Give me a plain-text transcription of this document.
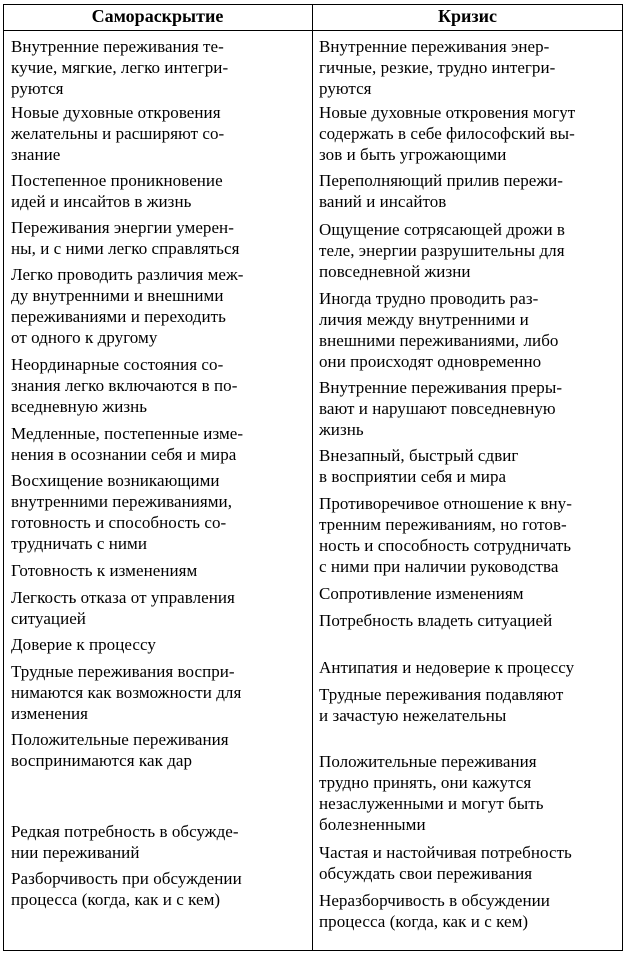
Самораскрытие	Кризис
Внутренние переживания те-
кучие, мягкие, легко интегри-
руются
Новые духовные откровения
желательны и расширяют со-
знание
Постепенное проникновение
идей и инсайтов в жизнь
Переживания энергии умерен-
ны, и с ними легко справляться
Легко проводить различия меж-
ду внутренними и внешними
переживаниями и переходить
от одного к другому
Неординарные состояния со-
знания легко включаются в по-
вседневную жизнь
Медленные, постепенные изме-
нения в осознании себя и мира
Восхищение возникающими
внутренними переживаниями,
готовность и способность со-
трудничать с ними
Готовность к изменениям
Легкость отказа от управления
ситуацией
Доверие к процессу
Трудные переживания воспри-
нимаются как возможности для
изменения
Положительные переживания
воспринимаются как дар
Редкая потребность в обсужде-
нии переживаний
Разборчивость при обсуждении
процесса (когда, как и с кем)
Внутренние переживания энер-
гичные, резкие, трудно интегри-
руются
Новые духовные откровения могут
содержать в себе философский вы-
зов и быть угрожающими
Переполняющий прилив пережи-
ваний и инсайтов
Ощущение сотрясающей дрожи в
теле, энергии разрушительны для
повседневной жизни
Иногда трудно проводить раз-
личия между внутренними и
внешними переживаниями, либо
они происходят одновременно
Внутренние переживания преры-
вают и нарушают повседневную
жизнь
Внезапный, быстрый сдвиг
в восприятии себя и мира
Противоречивое отношение к вну-
тренним переживаниям, но готов-
ность и способность сотрудничать
с ними при наличии руководства
Сопротивление изменениям
Потребность владеть ситуацией
Антипатия и недоверие к процессу
Трудные переживания подавляют
и зачастую нежелательны
Положительные переживания
трудно принять, они кажутся
незаслуженными и могут быть
болезненными
Частая и настойчивая потребность
обсуждать свои переживания
Неразборчивость в обсуждении
процесса (когда, как и с кем)
